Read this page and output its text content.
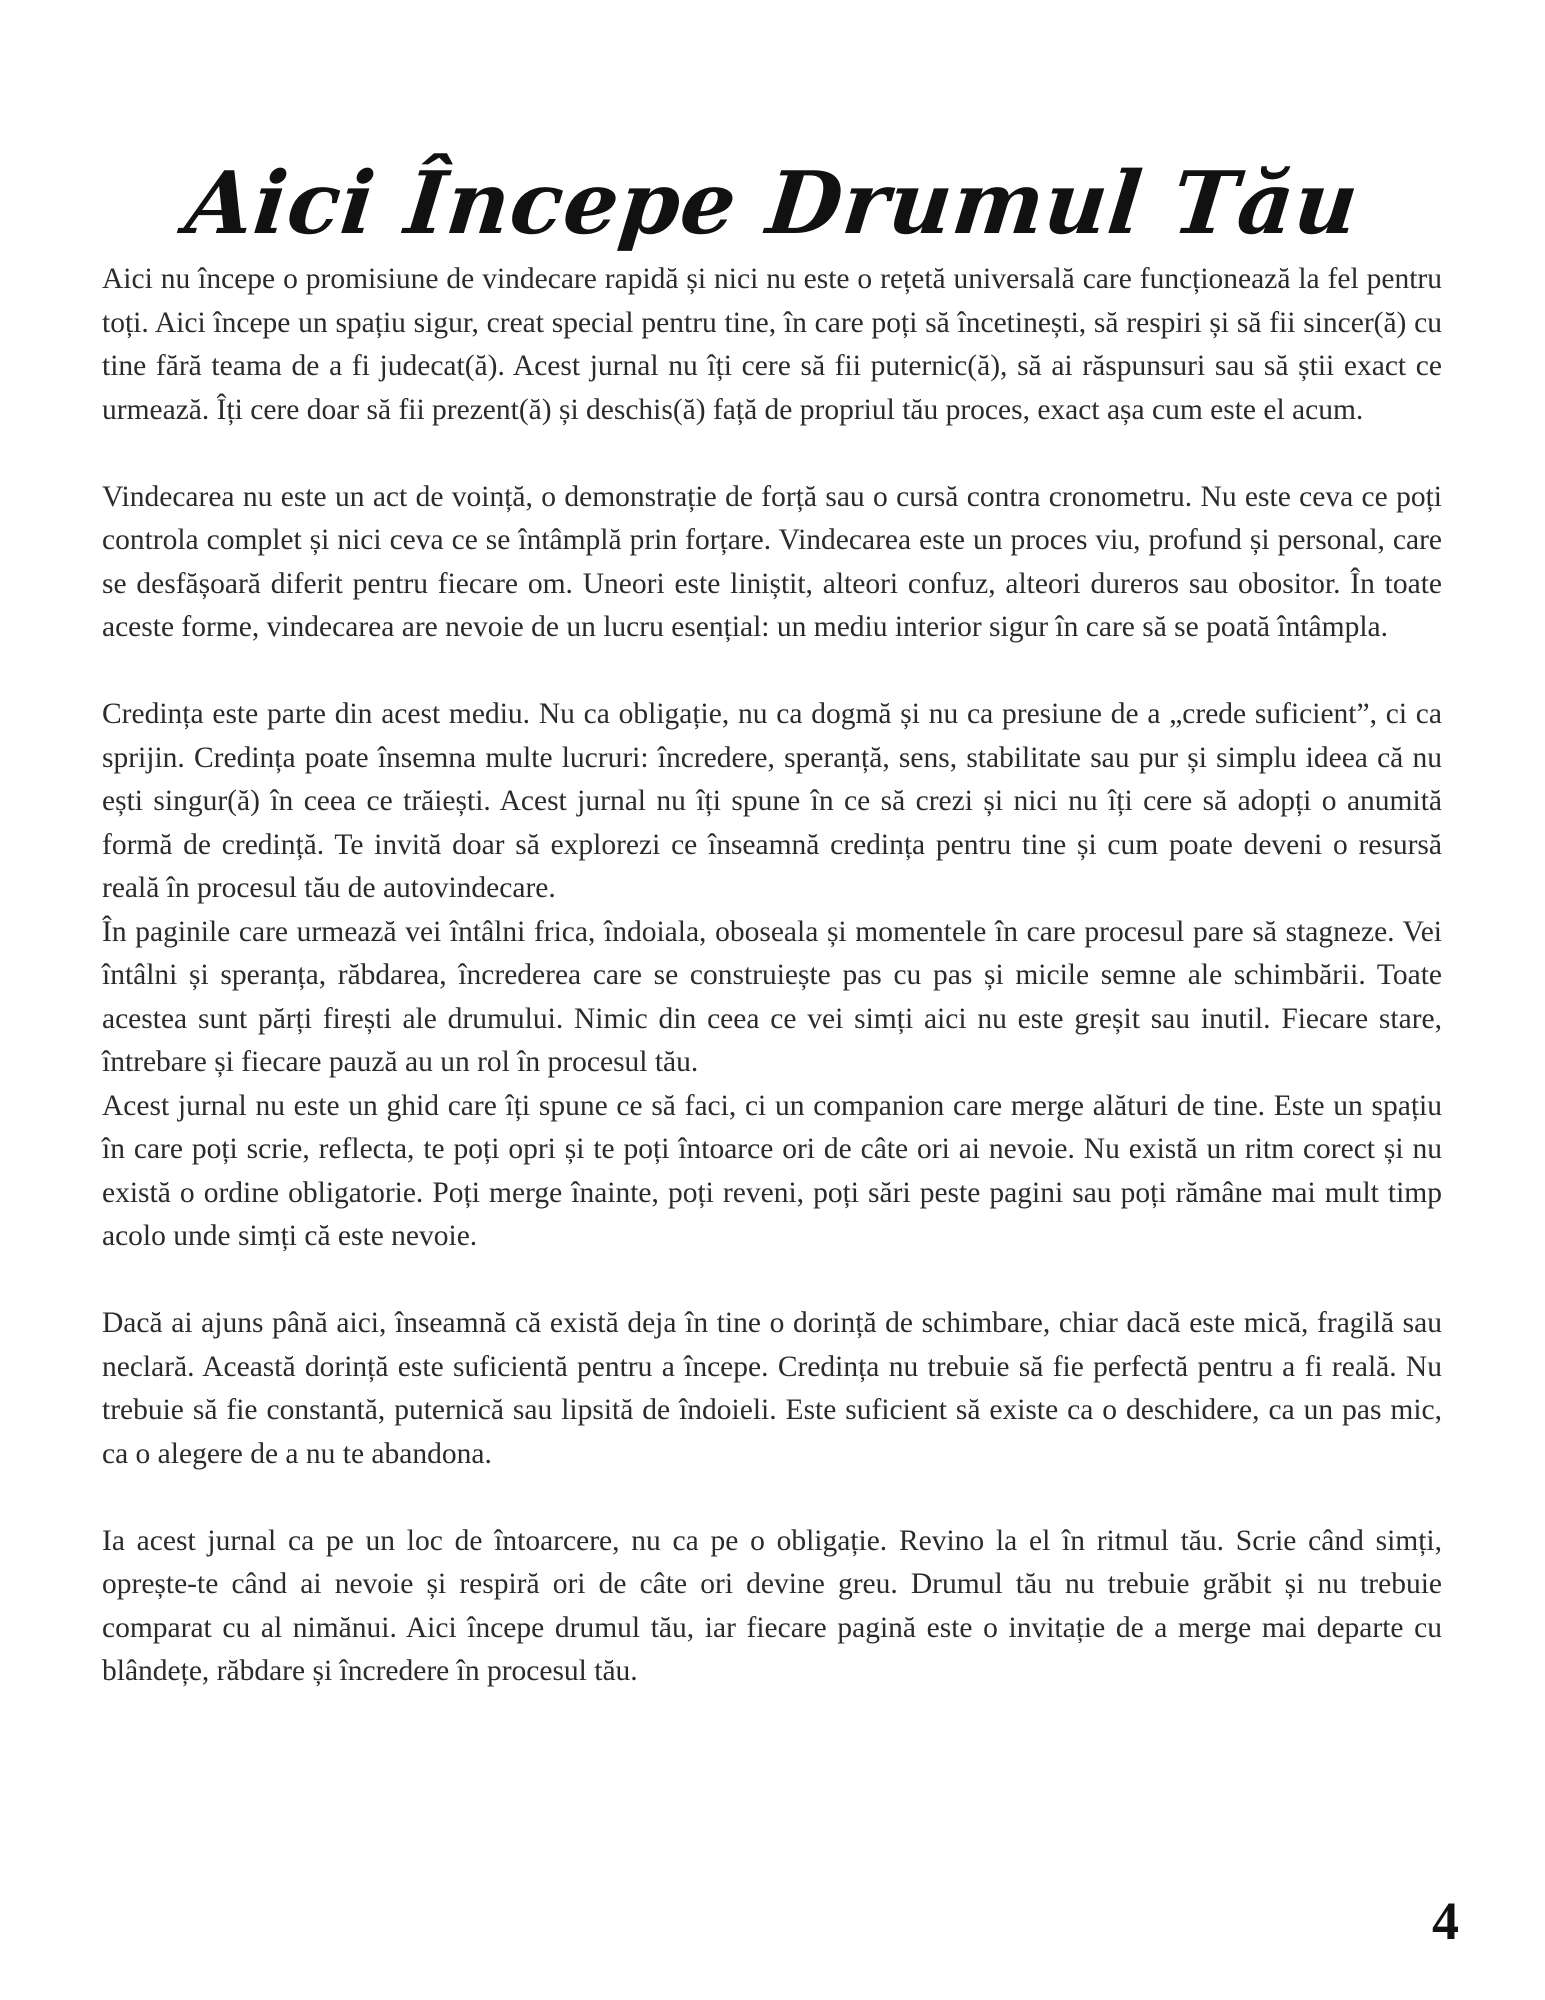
Aici Începe Drumul Tău

Aici nu începe o promisiune de vindecare rapidă și nici nu este o rețetă universală care funcționează la fel pentru toți. Aici începe un spațiu sigur, creat special pentru tine, în care poți să încetinești, să respiri și să fii sincer(ă) cu tine fără teama de a fi judecat(ă). Acest jurnal nu îți cere să fii puternic(ă), să ai răspunsuri sau să știi exact ce urmează. Îți cere doar să fii prezent(ă) și deschis(ă) față de propriul tău proces, exact așa cum este el acum.

Vindecarea nu este un act de voință, o demonstrație de forță sau o cursă contra cronometru. Nu este ceva ce poți controla complet și nici ceva ce se întâmplă prin forțare. Vindecarea este un proces viu, profund și personal, care se desfășoară diferit pentru fiecare om. Uneori este liniștit, alteori confuz, alteori dureros sau obositor. În toate aceste forme, vindecarea are nevoie de un lucru esențial: un mediu interior sigur în care să se poată întâmpla.

Credința este parte din acest mediu. Nu ca obligație, nu ca dogmă și nu ca presiune de a „crede suficient”, ci ca sprijin. Credința poate însemna multe lucruri: încredere, speranță, sens, stabilitate sau pur și simplu ideea că nu ești singur(ă) în ceea ce trăiești. Acest jurnal nu îți spune în ce să crezi și nici nu îți cere să adopți o anumită formă de credință. Te invită doar să explorezi ce înseamnă credința pentru tine și cum poate deveni o resursă reală în procesul tău de autovindecare.

În paginile care urmează vei întâlni frica, îndoiala, oboseala și momentele în care procesul pare să stagneze. Vei întâlni și speranța, răbdarea, încrederea care se construiește pas cu pas și micile semne ale schimbării. Toate acestea sunt părți firești ale drumului. Nimic din ceea ce vei simți aici nu este greșit sau inutil. Fiecare stare, întrebare și fiecare pauză au un rol în procesul tău.

Acest jurnal nu este un ghid care îți spune ce să faci, ci un companion care merge alături de tine. Este un spațiu în care poți scrie, reflecta, te poți opri și te poți întoarce ori de câte ori ai nevoie. Nu există un ritm corect și nu există o ordine obligatorie. Poți merge înainte, poți reveni, poți sări peste pagini sau poți rămâne mai mult timp acolo unde simți că este nevoie.

Dacă ai ajuns până aici, înseamnă că există deja în tine o dorință de schimbare, chiar dacă este mică, fragilă sau neclară. Această dorință este suficientă pentru a începe. Credința nu trebuie să fie perfectă pentru a fi reală. Nu trebuie să fie constantă, puternică sau lipsită de îndoieli. Este suficient să existe ca o deschidere, ca un pas mic, ca o alegere de a nu te abandona.

Ia acest jurnal ca pe un loc de întoarcere, nu ca pe o obligație. Revino la el în ritmul tău. Scrie când simți, oprește-te când ai nevoie și respiră ori de câte ori devine greu. Drumul tău nu trebuie grăbit și nu trebuie comparat cu al nimănui. Aici începe drumul tău, iar fiecare pagină este o invitație de a merge mai departe cu blândețe, răbdare și încredere în procesul tău.

4
